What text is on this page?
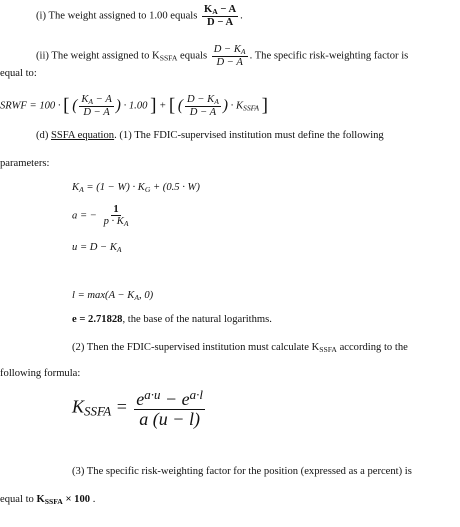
(i) The weight assigned to 1.00 equals $\frac{K_A - A}{D - A}$ .
(ii) The weight assigned to $K_{SSFA}$ equals $\frac{D - K_A}{D - A}$ . The specific risk-weighting factor is
equal to:
SRWF = 100 · [ ( $\frac{K_A - A}{D - A}$ ) · 1.00 ] + [ ( $\frac{D - K_A}{D - A}$ ) · $K_{SSFA}$ ]
(d) SSFA equation. (1) The FDIC-supervised institution must define the following
parameters:
$K_A = (1 - W) \cdot K_G + (0.5 \cdot W)$
a = − $\frac{1}{p \cdot K_A}$
$u = D - K_A$
$l = \max(A - K_A$, 0)
e = 2.71828, the base of the natural logarithms.
(2) Then the FDIC-supervised institution must calculate $K_{SSFA}$ according to the
following formula:
$K_{SSFA} = \frac{e^{a\cdot u} - e^{a\cdot l}}{a (u - l)}$
(3) The specific risk-weighting factor for the position (expressed as a percent) is
equal to $K_{SSFA} \times 100$ .
